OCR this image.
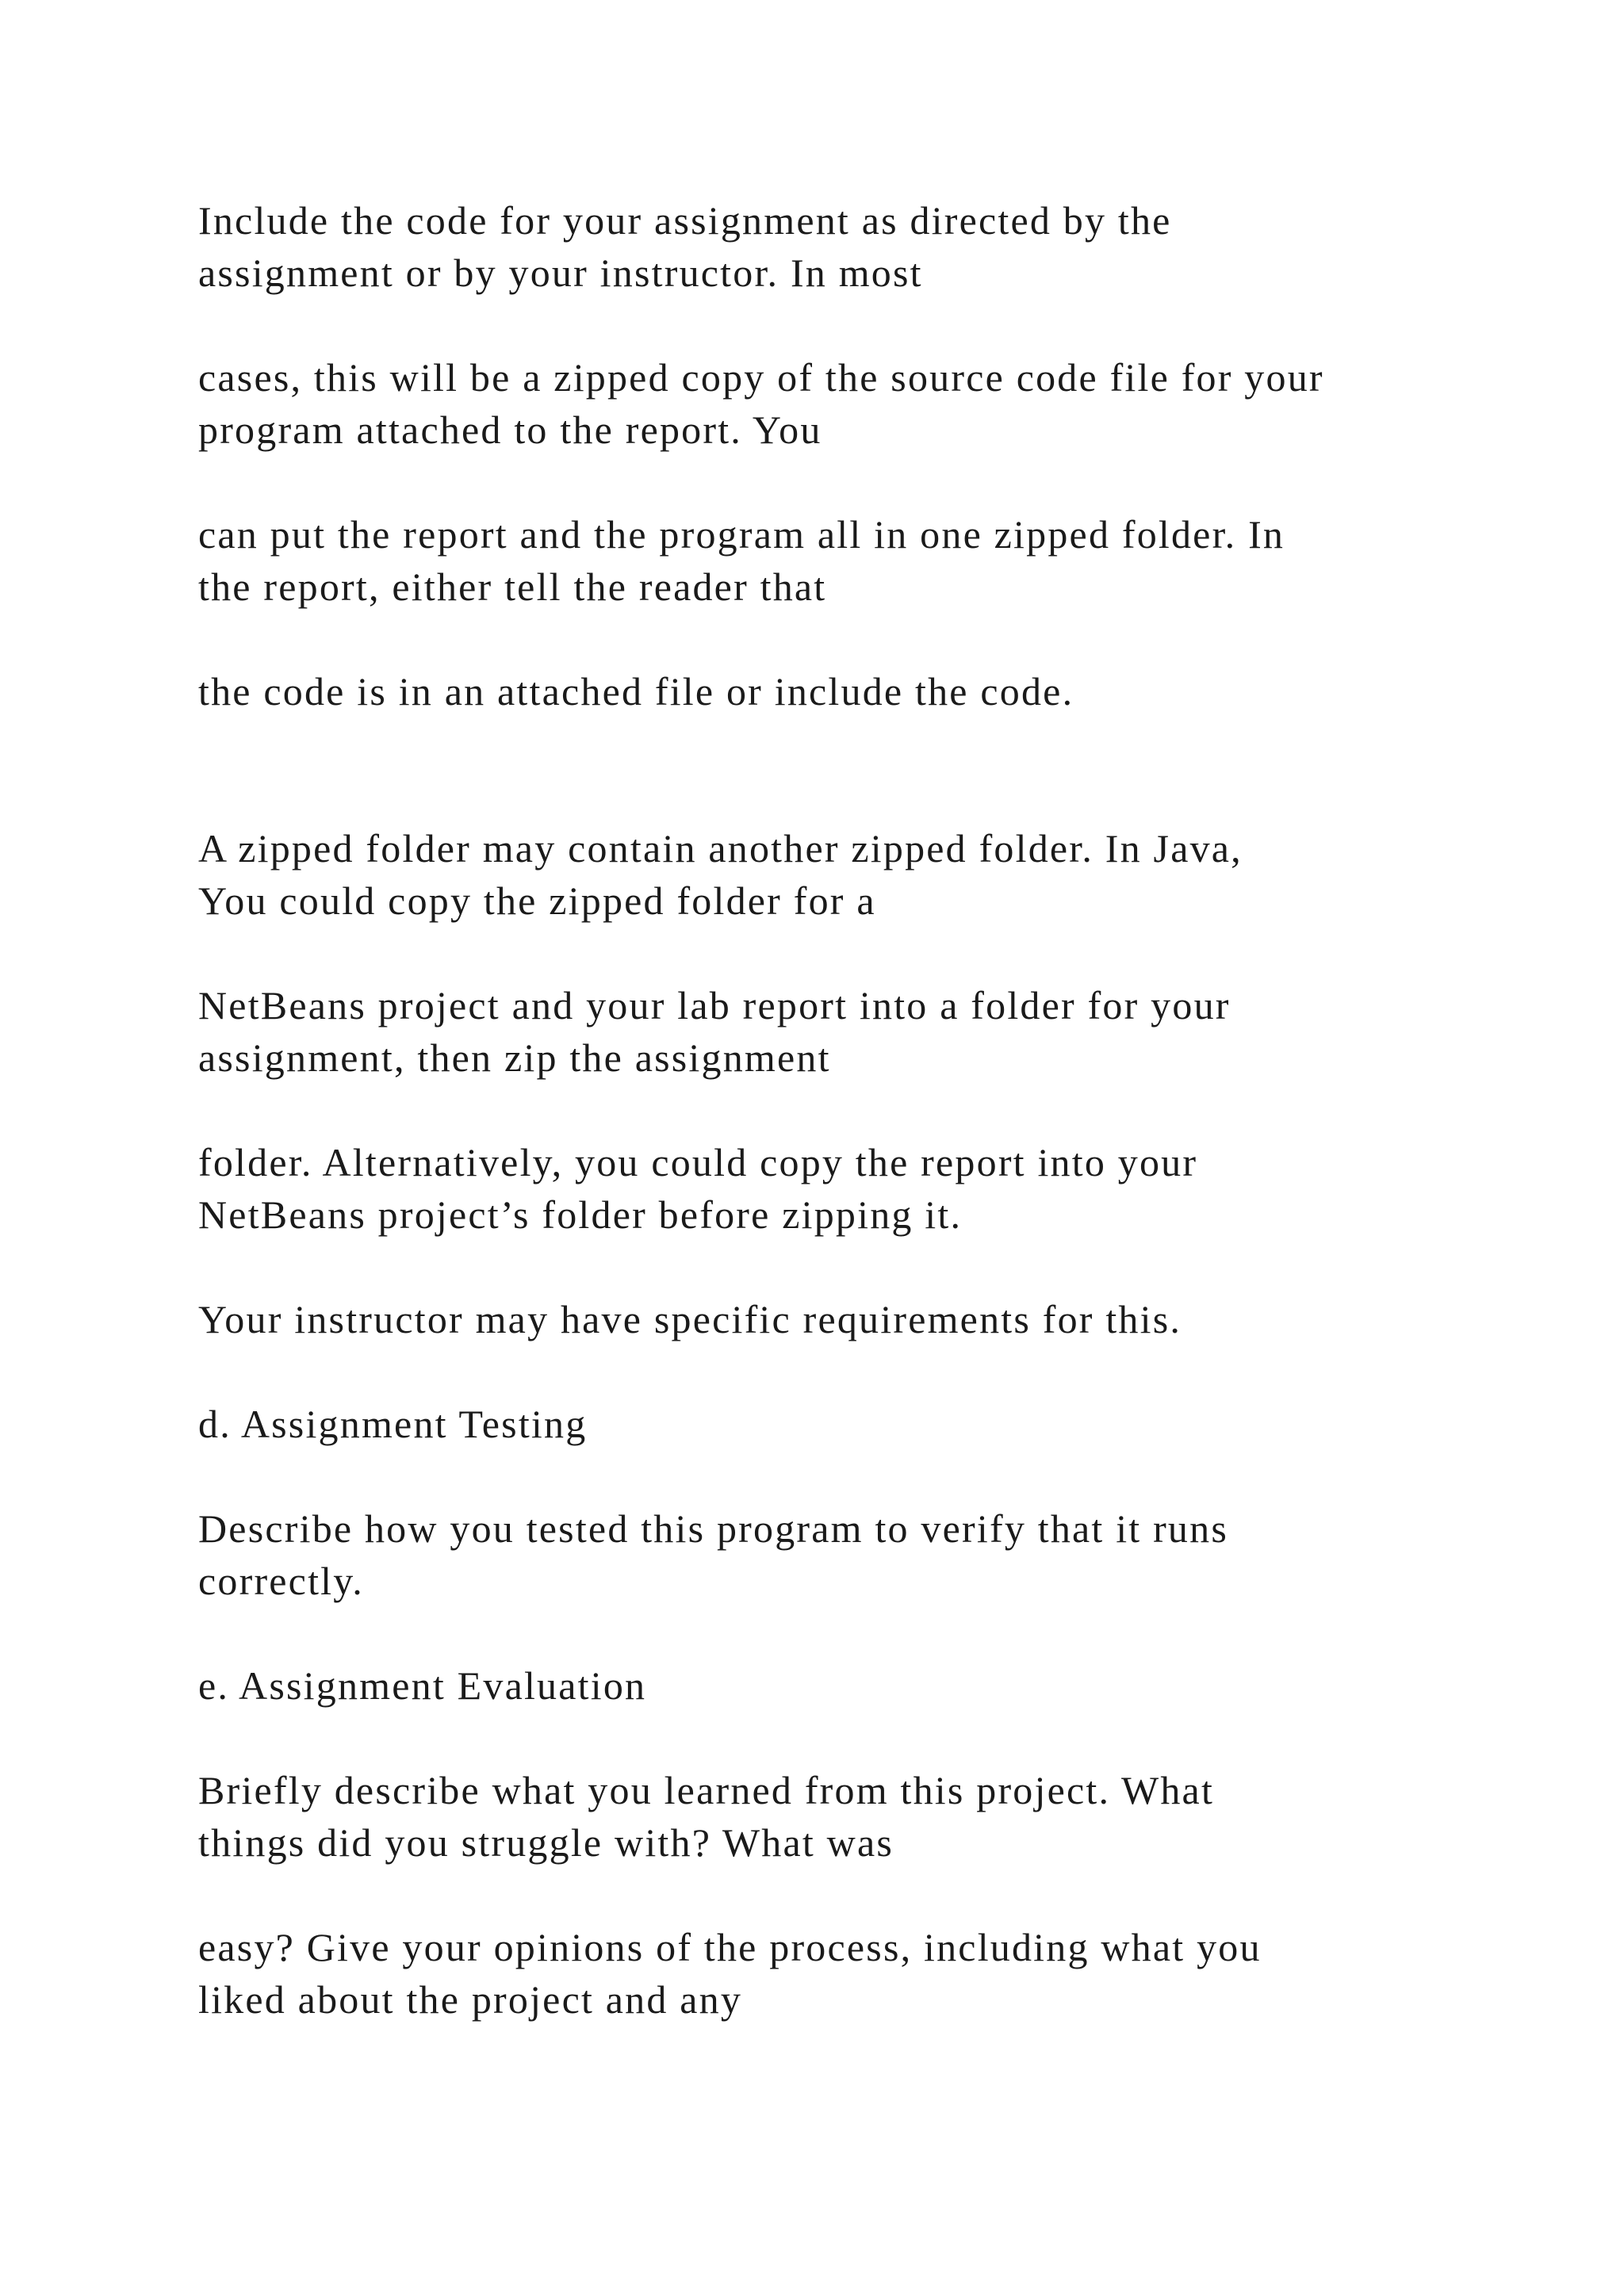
Include the code for your assignment as directed by the
assignment or by your instructor. In most

cases, this will be a zipped copy of the source code file for your
program attached to the report. You

can put the report and the program all in one zipped folder. In
the report, either tell the reader that

the code is in an attached file or include the code.

A zipped folder may contain another zipped folder. In Java,
You could copy the zipped folder for a

NetBeans project and your lab report into a folder for your
assignment, then zip the assignment

folder. Alternatively, you could copy the report into your
NetBeans project’s folder before zipping it.

Your instructor may have specific requirements for this.

d. Assignment Testing

Describe how you tested this program to verify that it runs
correctly.

e. Assignment Evaluation

Briefly describe what you learned from this project. What
things did you struggle with? What was

easy? Give your opinions of the process, including what you
liked about the project and any
